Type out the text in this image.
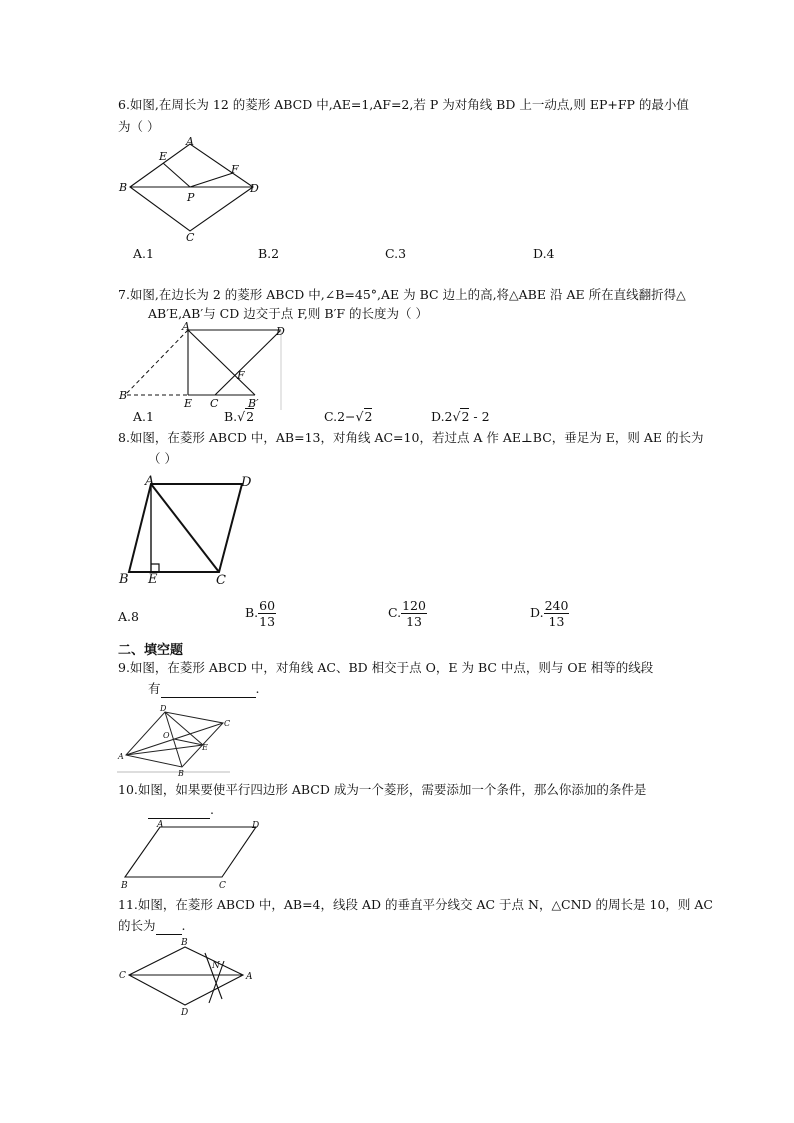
6.如图,在周长为 12 的菱形 ABCD 中,AE=1,AF=2,若 P 为对角线 BD 上一动点,则 EP+FP 的最小值
为（ ）
A
B
C
D
E
F
P
A.1	B.2	C.3	D.4
7.如图,在边长为 2 的菱形 ABCD 中,∠B=45°,AE 为 BC 边上的高,将△ABE 沿 AE 所在直线翻折得△
AB′E,AB′与 CD 边交于点 F,则 B′F 的长度为（ ）
A	D
B
E C	B′
F
A.1	B.√2	C.2−√2	D.2√2 - 2
8.如图，在菱形 ABCD 中，AB=13，对角线 AC=10，若过点 A 作 AE⊥BC，垂足为 E，则 AE 的长为
（ ）
A	D
B E	C
A.8	B. $\frac{60}{13}$	C. $\frac{120}{13}$	D. $\frac{240}{13}$
二、填空题
9.如图，在菱形 ABCD 中，对角线 AC、BD 相交于点 O，E 为 BC 中点，则与 OE 相等的线段
有	.
A
D
C
B
E
O
10.如图，如果要使平行四边形 ABCD 成为一个菱形，需要添加一个条件，那么你添加的条件是
.
A	D
B	C
11.如图，在菱形 ABCD 中，AB=4，线段 AD 的垂直平分线交 AC 于点 N，△CND 的周长是 10，则 AC
的长为 .
B
C	A
D
N
